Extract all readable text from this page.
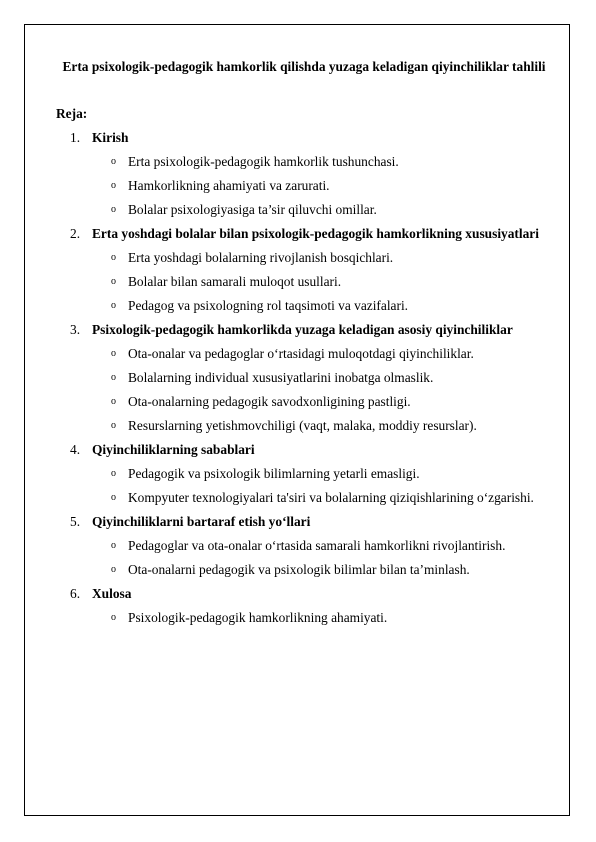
Erta psixologik-pedagogik hamkorlik qilishda yuzaga keladigan qiyinchiliklar tahlili

Reja:

1. Kirish
o Erta psixologik-pedagogik hamkorlik tushunchasi.
o Hamkorlikning ahamiyati va zarurati.
o Bolalar psixologiyasiga ta’sir qiluvchi omillar.
2. Erta yoshdagi bolalar bilan psixologik-pedagogik hamkorlikning xususiyatlari
o Erta yoshdagi bolalarning rivojlanish bosqichlari.
o Bolalar bilan samarali muloqot usullari.
o Pedagog va psixologning rol taqsimoti va vazifalari.
3. Psixologik-pedagogik hamkorlikda yuzaga keladigan asosiy qiyinchiliklar
o Ota-onalar va pedagoglar o‘rtasidagi muloqotdagi qiyinchiliklar.
o Bolalarning individual xususiyatlarini inobatga olmaslik.
o Ota-onalarning pedagogik savodxonligining pastligi.
o Resurslarning yetishmovchiligi (vaqt, malaka, moddiy resurslar).
4. Qiyinchiliklarning sabablari
o Pedagogik va psixologik bilimlarning yetarli emasligi.
o Kompyuter texnologiyalari ta'siri va bolalarning qiziqishlarining o‘zgarishi.
5. Qiyinchiliklarni bartaraf etish yo‘llari
o Pedagoglar va ota-onalar o‘rtasida samarali hamkorlikni rivojlantirish.
o Ota-onalarni pedagogik va psixologik bilimlar bilan ta’minlash.
6. Xulosa
o Psixologik-pedagogik hamkorlikning ahamiyati.
